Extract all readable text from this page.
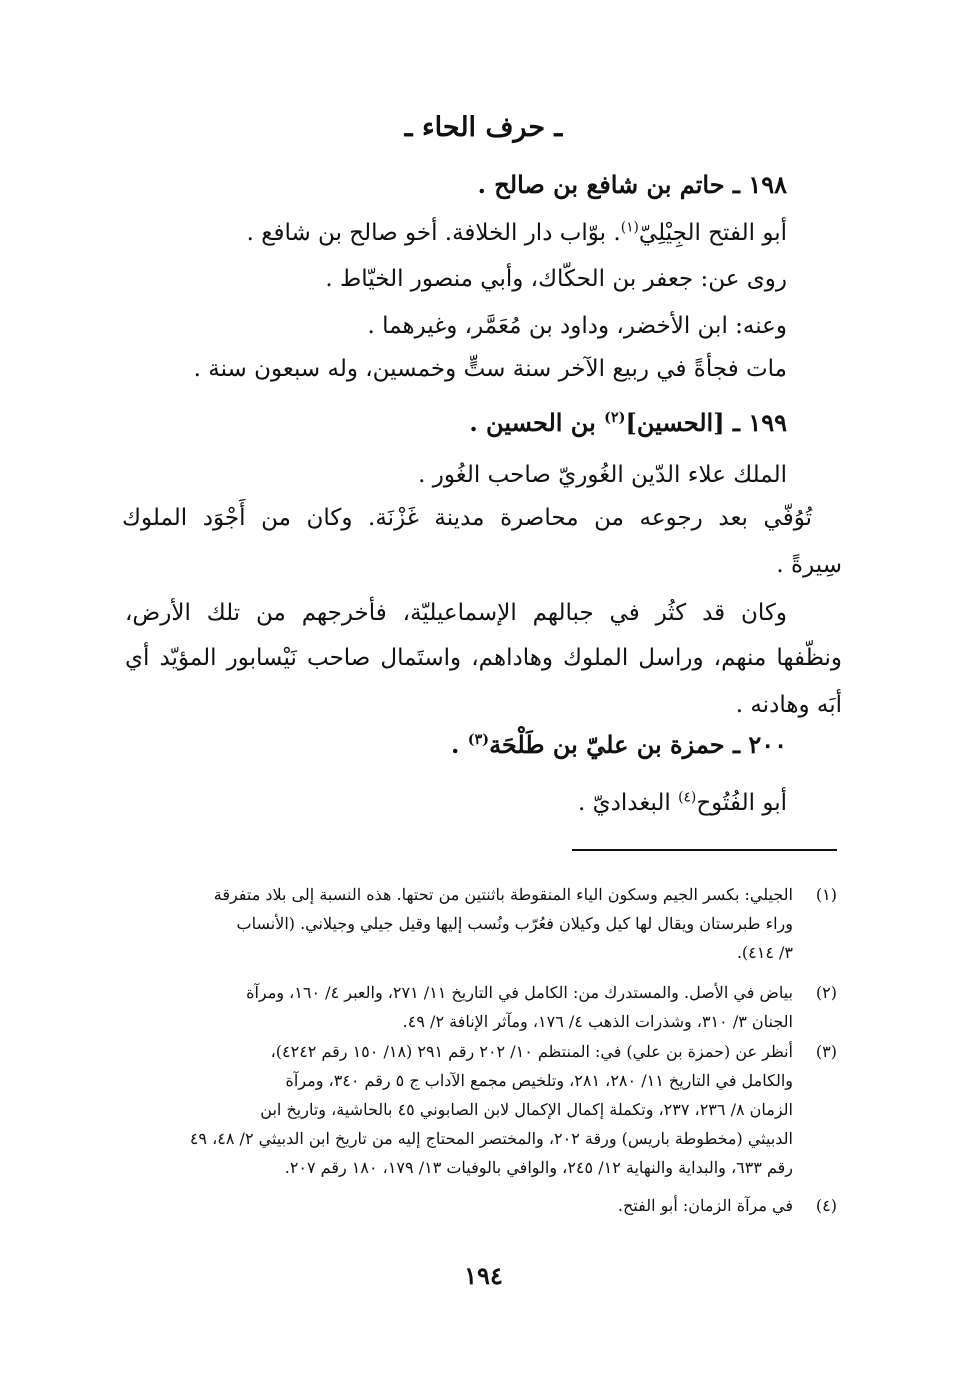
ـ حرف الحاء ـ
١٩٨ ـ حاتم بن شافع بن صالح .
أبو الفتح الجِيْلِيّ$^{(١)}$. بوّاب دار الخلافة. أخو صالح بن شافع .
روى عن: جعفر بن الحكّاك، وأبي منصور الخيّاط .
وعنه: ابن الأخضر، وداود بن مُعَمَّر، وغيرهما .
مات فجأةً في ربيع الآخر سنة ستٍّ وخمسين، وله سبعون سنة .
١٩٩ ـ [الحسين]$^{(٢)}$ بن الحسين .
الملك علاء الدّين الغُوريّ صاحب الغُور .
تُوُفّي بعد رجوعه من محاصرة مدينة غَزْنَة. وكان من أَجْوَد الملوك
سِيرةً .
وكان قد كثُر في جبالهم الإسماعيليّة، فأخرجهم من تلك الأرض،
ونظّفها منهم، وراسل الملوك وهاداهم، واستَمال صاحب نَيْسابور المؤيّد أي
أبَه وهادنه .
٢٠٠ ـ حمزة بن عليّ بن طَلْحَة$^{(٣)}$ .
أبو الفُتُوح$^{(٤)}$ البغداديّ .
(١)
الجيلي: بكسر الجيم وسكون الياء المنقوطة باثنتين من تحتها. هذه النسبة إلى بلاد متفرقة
وراء طبرستان ويقال لها كيل وكيلان فعُرّب ونُسب إليها وقيل جيلي وجيلاني. (الأنساب
٣/ ٤١٤).
(٢)
بياض في الأصل. والمستدرك من: الكامل في التاريخ ١١/ ٢٧١، والعبر ٤/ ١٦٠، ومرآة
الجنان ٣/ ٣١٠، وشذرات الذهب ٤/ ١٧٦، ومآثر الإنافة ٢/ ٤٩.
(٣)
أنظر عن (حمزة بن علي) في: المنتظم ١٠/ ٢٠٢ رقم ٢٩١ (١٨/ ١٥٠ رقم ٤٢٤٢)،
والكامل في التاريخ ١١/ ٢٨٠، ٢٨١، وتلخيص مجمع الآداب ج ٥ رقم ٣٤٠، ومرآة
الزمان ٨/ ٢٣٦، ٢٣٧، وتكملة إكمال الإكمال لابن الصابوني ٤٥ بالحاشية، وتاريخ ابن
الدبيثي (مخطوطة باريس) ورقة ٢٠٢، والمختصر المحتاج إليه من تاريخ ابن الدبيثي ٢/ ٤٨، ٤٩
رقم ٦٣٣، والبداية والنهاية ١٢/ ٢٤٥، والوافي بالوفيات ١٣/ ١٧٩، ١٨٠ رقم ٢٠٧.
(٤)
في مرآة الزمان: أبو الفتح.
١٩٤
